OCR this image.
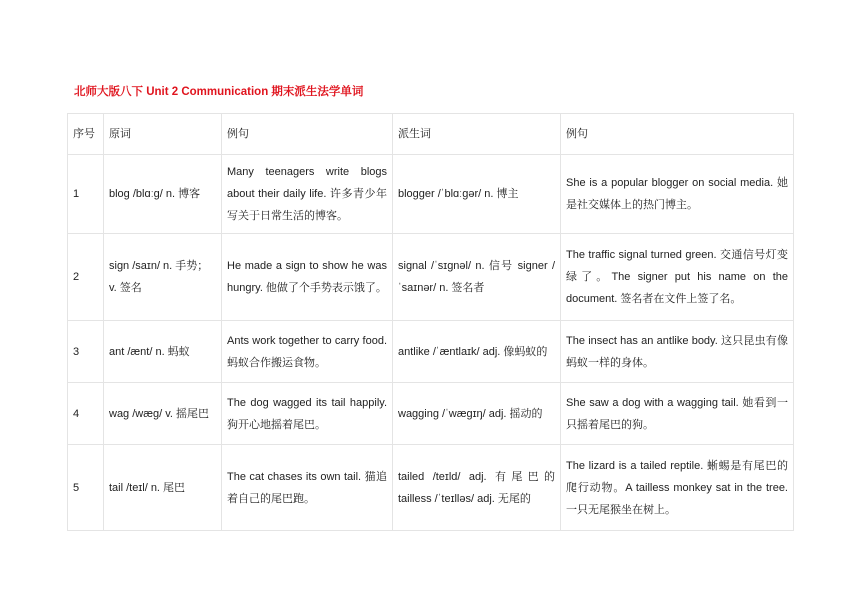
北师大版八下 Unit 2 Communication 期末派生法学单词
序号	原词	例句	派生词	例句
1	blog /blɑːɡ/ n. 博客	Many teenagers write blogs about their daily life. 许多青少年写关于日常生活的博客。	blogger /ˈblɑːɡər/ n. 博主	She is a popular blogger on social media. 她是社交媒体上的热门博主。
2	sign /saɪn/ n. 手势；v. 签名	He made a sign to show he was hungry. 他做了个手势表示饿了。	signal /ˈsɪɡnəl/ n. 信号 signer /ˈsaɪnər/ n. 签名者	The traffic signal turned green. 交通信号灯变绿了。The signer put his name on the document. 签名者在文件上签了名。
3	ant /ænt/ n. 蚂蚁	Ants work together to carry food. 蚂蚁合作搬运食物。	antlike /ˈæntlaɪk/ adj. 像蚂蚁的	The insect has an antlike body. 这只昆虫有像蚂蚁一样的身体。
4	wag /wæɡ/ v. 摇尾巴	The dog wagged its tail happily. 狗开心地摇着尾巴。	wagging /ˈwæɡɪŋ/ adj. 摇动的	She saw a dog with a wagging tail. 她看到一只摇着尾巴的狗。
5	tail /teɪl/ n. 尾巴	The cat chases its own tail. 猫追着自己的尾巴跑。	tailed /teɪld/ adj. 有尾巴的 tailless /ˈteɪlləs/ adj. 无尾的	The lizard is a tailed reptile. 蜥蜴是有尾巴的爬行动物。A tailless monkey sat in the tree. 一只无尾猴坐在树上。
